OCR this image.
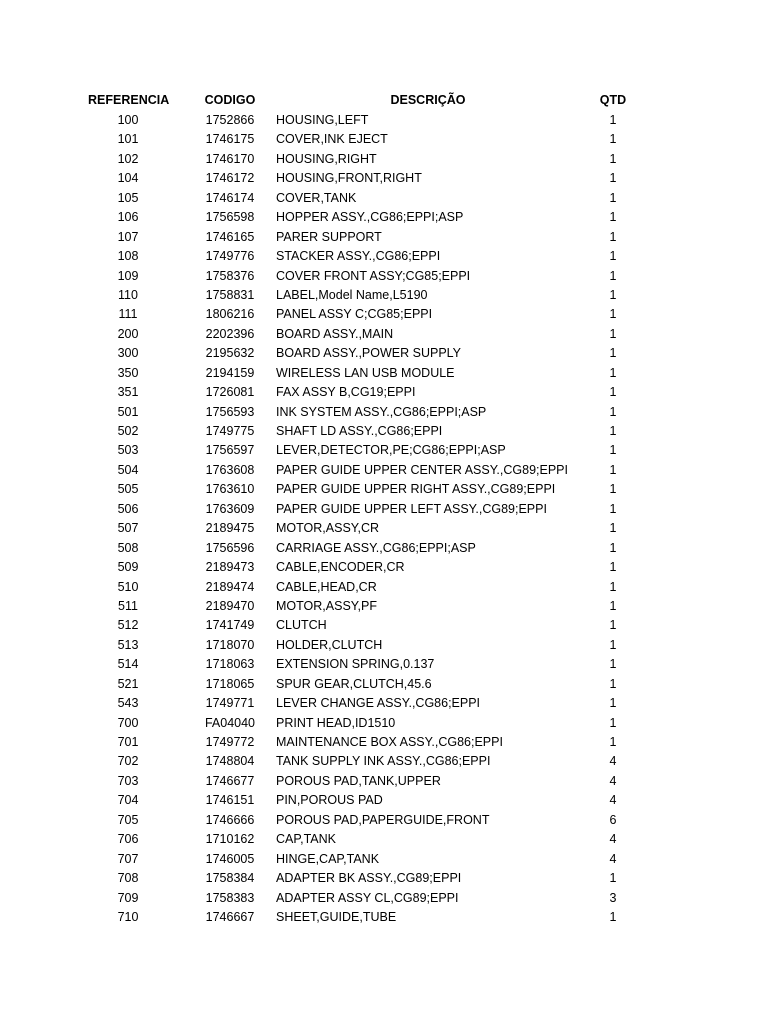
REFERENCIA	CODIGO	DESCRIÇÃO	QTD
100	1752866	HOUSING,LEFT	1
101	1746175	COVER,INK EJECT	1
102	1746170	HOUSING,RIGHT	1
104	1746172	HOUSING,FRONT,RIGHT	1
105	1746174	COVER,TANK	1
106	1756598	HOPPER ASSY.,CG86;EPPI;ASP	1
107	1746165	PARER SUPPORT	1
108	1749776	STACKER ASSY.,CG86;EPPI	1
109	1758376	COVER FRONT ASSY;CG85;EPPI	1
110	1758831	LABEL,Model Name,L5190	1
111	1806216	PANEL ASSY C;CG85;EPPI	1
200	2202396	BOARD ASSY.,MAIN	1
300	2195632	BOARD ASSY.,POWER SUPPLY	1
350	2194159	WIRELESS LAN USB MODULE	1
351	1726081	FAX ASSY B,CG19;EPPI	1
501	1756593	INK SYSTEM ASSY.,CG86;EPPI;ASP	1
502	1749775	SHAFT LD ASSY.,CG86;EPPI	1
503	1756597	LEVER,DETECTOR,PE;CG86;EPPI;ASP	1
504	1763608	PAPER GUIDE UPPER CENTER ASSY.,CG89;EPPI	1
505	1763610	PAPER GUIDE UPPER RIGHT ASSY.,CG89;EPPI	1
506	1763609	PAPER GUIDE UPPER LEFT ASSY.,CG89;EPPI	1
507	2189475	MOTOR,ASSY,CR	1
508	1756596	CARRIAGE ASSY.,CG86;EPPI;ASP	1
509	2189473	CABLE,ENCODER,CR	1
510	2189474	CABLE,HEAD,CR	1
511	2189470	MOTOR,ASSY,PF	1
512	1741749	CLUTCH	1
513	1718070	HOLDER,CLUTCH	1
514	1718063	EXTENSION SPRING,0.137	1
521	1718065	SPUR GEAR,CLUTCH,45.6	1
543	1749771	LEVER CHANGE ASSY.,CG86;EPPI	1
700	FA04040	PRINT HEAD,ID1510	1
701	1749772	MAINTENANCE BOX ASSY.,CG86;EPPI	1
702	1748804	TANK SUPPLY INK ASSY.,CG86;EPPI	4
703	1746677	POROUS PAD,TANK,UPPER	4
704	1746151	PIN,POROUS PAD	4
705	1746666	POROUS PAD,PAPERGUIDE,FRONT	6
706	1710162	CAP,TANK	4
707	1746005	HINGE,CAP,TANK	4
708	1758384	ADAPTER BK ASSY.,CG89;EPPI	1
709	1758383	ADAPTER ASSY CL,CG89;EPPI	3
710	1746667	SHEET,GUIDE,TUBE	1
